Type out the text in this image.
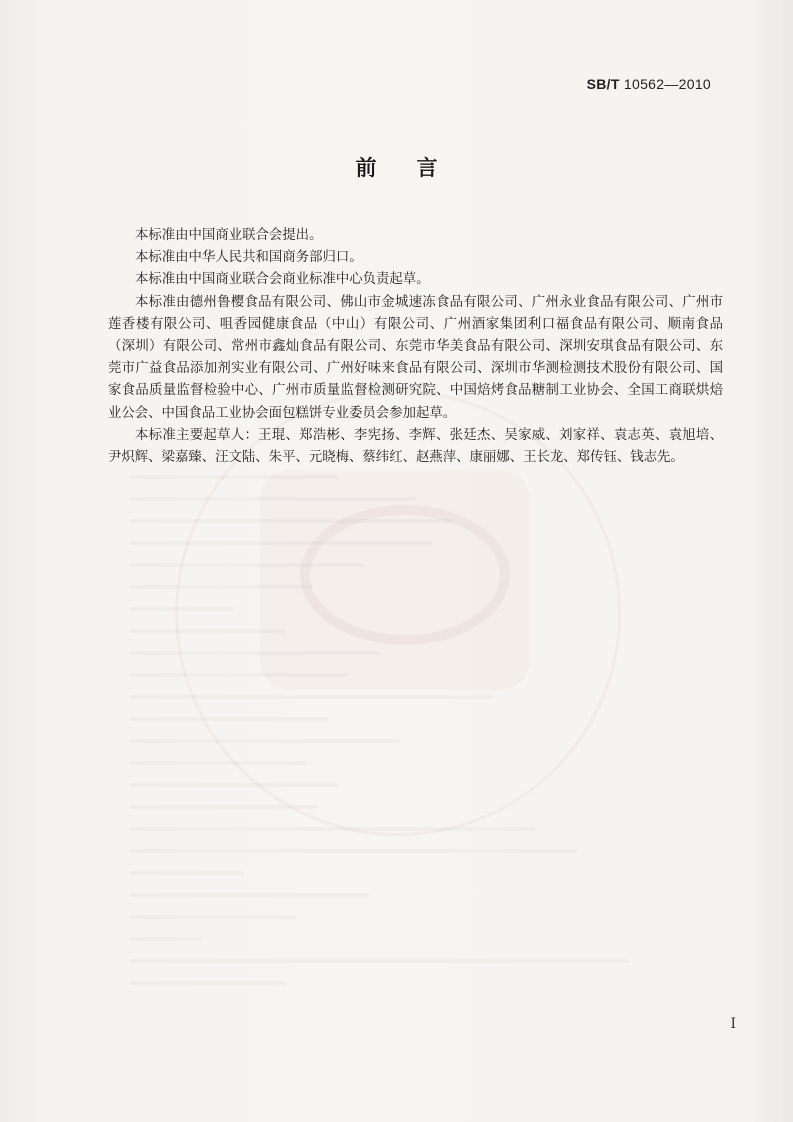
SB/T 10562—2010
前言

本标准由中国商业联合会提出。

本标准由中华人民共和国商务部归口。

本标准由中国商业联合会商业标准中心负责起草。

本标准由德州鲁樱食品有限公司、佛山市金城速冻食品有限公司、广州永业食品有限公司、广州市莲香楼有限公司、咀香园健康食品（中山）有限公司、广州酒家集团利口福食品有限公司、顺南食品（深圳）有限公司、常州市鑫灿食品有限公司、东莞市华美食品有限公司、深圳安琪食品有限公司、东莞市广益食品添加剂实业有限公司、广州好味来食品有限公司、深圳市华测检测技术股份有限公司、国家食品质量监督检验中心、广州市质量监督检测研究院、中国焙烤食品糖制工业协会、全国工商联烘焙业公会、中国食品工业协会面包糕饼专业委员会参加起草。

本标准主要起草人：王琨、郑浩彬、李宪扬、李辉、张廷杰、吴家威、刘家祥、袁志英、袁旭培、尹炽辉、梁嘉臻、汪文陆、朱平、元晓梅、蔡纬红、赵燕萍、康丽娜、王长龙、郑传钰、钱志先。

I
